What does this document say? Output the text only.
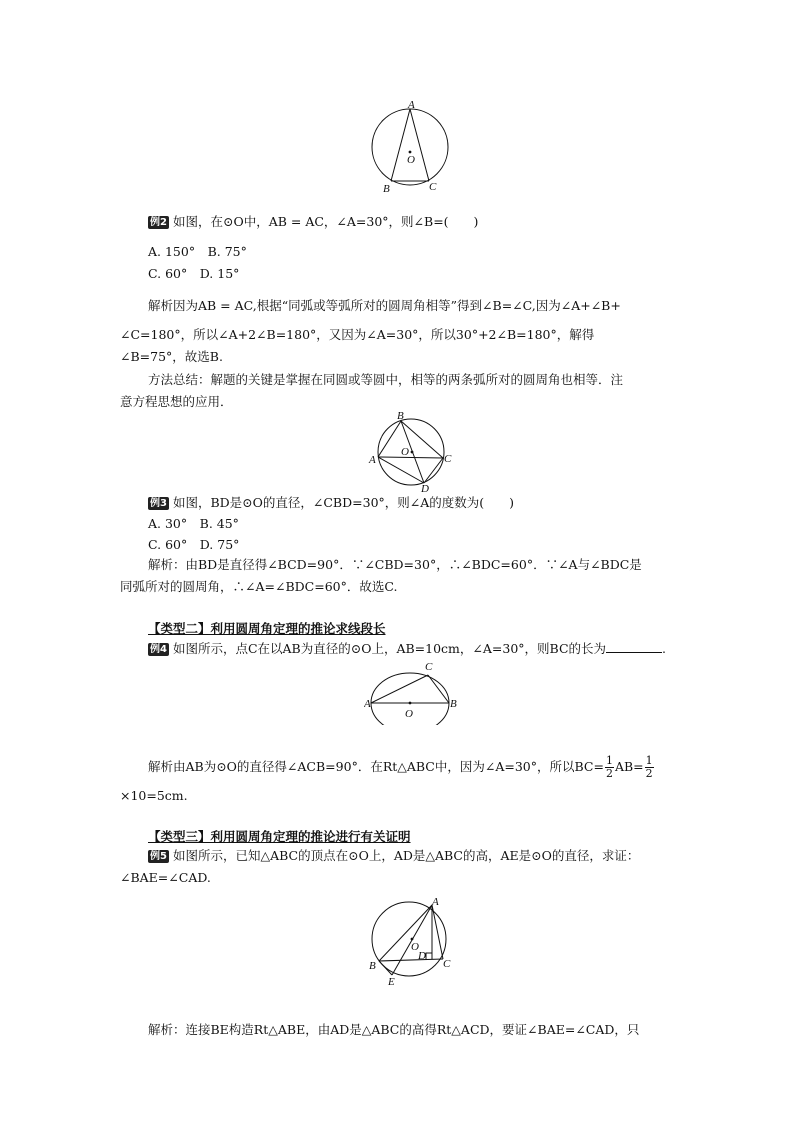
A
O
B	C
例2 如图，在⊙O中，AB = AC，∠A=30°，则∠B=(　　)
A. 150°　B. 75°
C. 60°　D. 15°
解析因为AB = AC,根据“同弧或等弧所对的圆周角相等”得到∠B=∠C,因为∠A+∠B+
∠C=180°，所以∠A+2∠B=180°，又因为∠A=30°，所以30°+2∠B=180°，解得
∠B=75°，故选B.
方法总结：解题的关键是掌握在同圆或等圆中，相等的两条弧所对的圆周角也相等．注
意方程思想的应用．
B
O
A	C
D
例3 如图，BD是⊙O的直径，∠CBD=30°，则∠A的度数为(　　)
A. 30°　B. 45°
C. 60°　D. 75°
解析：由BD是直径得∠BCD=90°．∵∠CBD=30°，∴∠BDC=60°．∵∠A与∠BDC是
同弧所对的圆周角，∴∠A=∠BDC=60°．故选C.
【类型二】利用圆周角定理的推论求线段长
例4 如图所示，点C在以AB为直径的⊙O上，AB=10cm，∠A=30°，则BC的长为	.
C
A	B
O
解析由AB为⊙O的直径得∠ACB=90°．在Rt△ABC中，因为∠A=30°，所以$BC= \frac{1}{2} AB= \frac{1}{2}$
×10=5cm.
【类型三】利用圆周角定理的推论进行有关证明
例5 如图所示，已知△ABC的顶点在⊙O上，AD是△ABC的高，AE是⊙O的直径，求证：
∠BAE=∠CAD.
A
O
D
B
E
C
解析：连接BE构造Rt△ABE，由AD是△ABC的高得Rt△ACD，要证∠BAE=∠CAD，只
